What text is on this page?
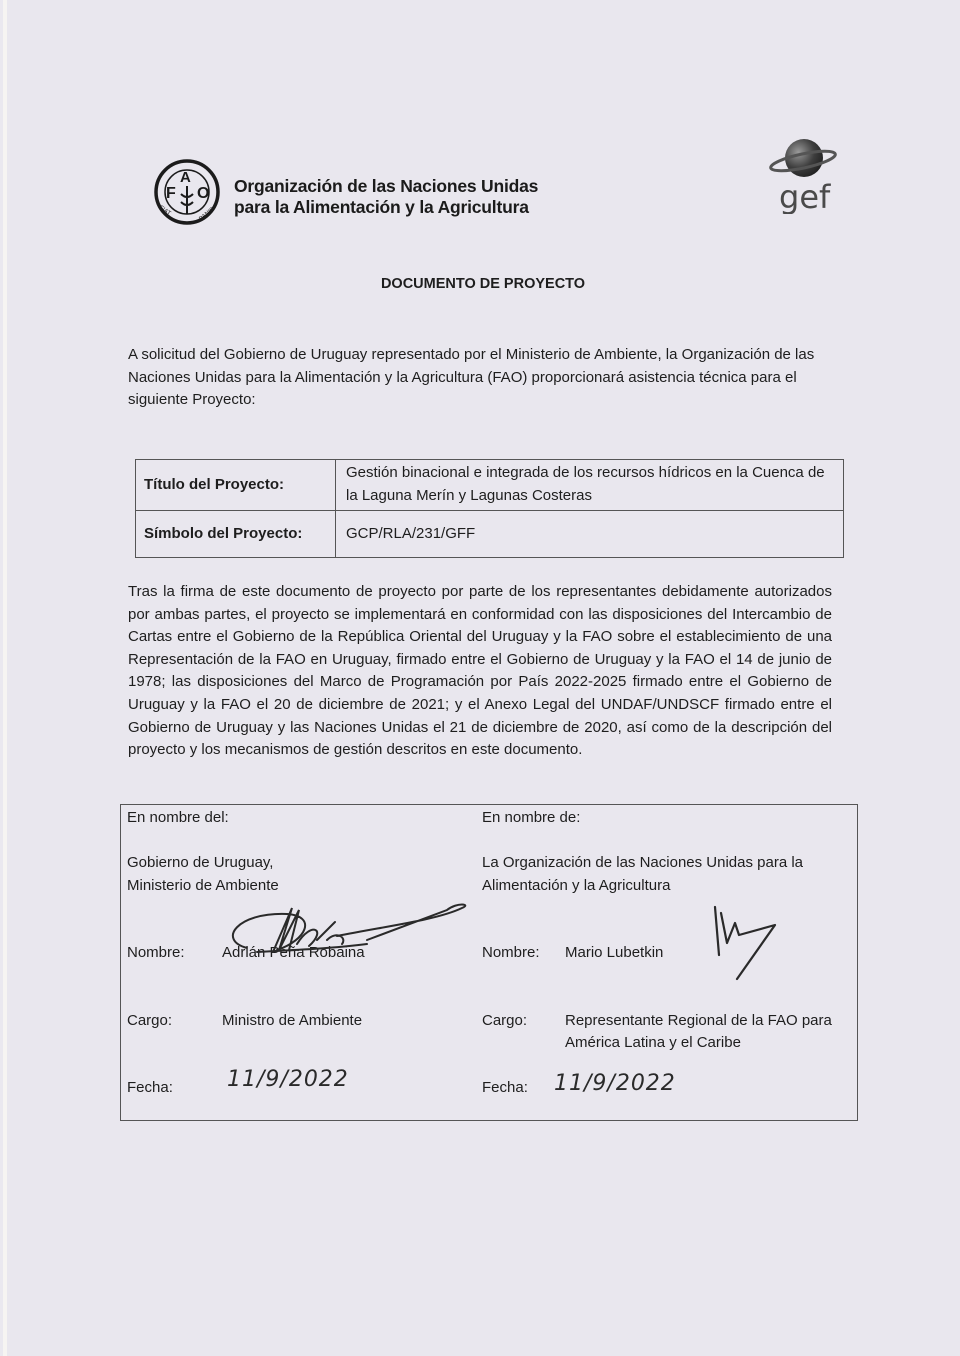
F
A
O
FIAT	PANIS
Organización de las Naciones Unidas
para la Alimentación y la Agricultura	gef
DOCUMENTO DE PROYECTO
A solicitud del Gobierno de Uruguay representado por el Ministerio de Ambiente, la Organización de las Naciones Unidas para la Alimentación y la Agricultura (FAO) proporcionará asistencia técnica para el siguiente Proyecto:
Título del Proyecto:	Gestión binacional e integrada de los recursos hídricos en la Cuenca de la Laguna Merín y Lagunas Costeras
Símbolo del Proyecto:	GCP/RLA/231/GFF
Tras la firma de este documento de proyecto por parte de los representantes debidamente autorizados por ambas partes, el proyecto se implementará en conformidad con las disposiciones del Intercambio de Cartas entre el Gobierno de la República Oriental del Uruguay y la FAO sobre el establecimiento de una Representación de la FAO en Uruguay, firmado entre el Gobierno de Uruguay y la FAO el 14 de junio de 1978; las disposiciones del Marco de Programación por País 2022-2025 firmado entre el Gobierno de Uruguay y la FAO el 20 de diciembre de 2021; y el Anexo Legal del UNDAF/UNDSCF firmado entre el Gobierno de Uruguay y las Naciones Unidas el 21 de diciembre de 2020, así como de la descripción del proyecto y los mecanismos de gestión descritos en este documento.
En nombre del:
Gobierno de Uruguay,
Ministerio de Ambiente
Nombre: Adrián Peña Robaina
Cargo:	Ministro de Ambiente
Fecha: 11/9/2022
En nombre de:
La Organización de las Naciones Unidas para la
Alimentación y la Agricultura
Nombre: Mario Lubetkin
Cargo:	Representante Regional de la FAO para
América Latina y el Caribe
Fecha: 11/9/2022
